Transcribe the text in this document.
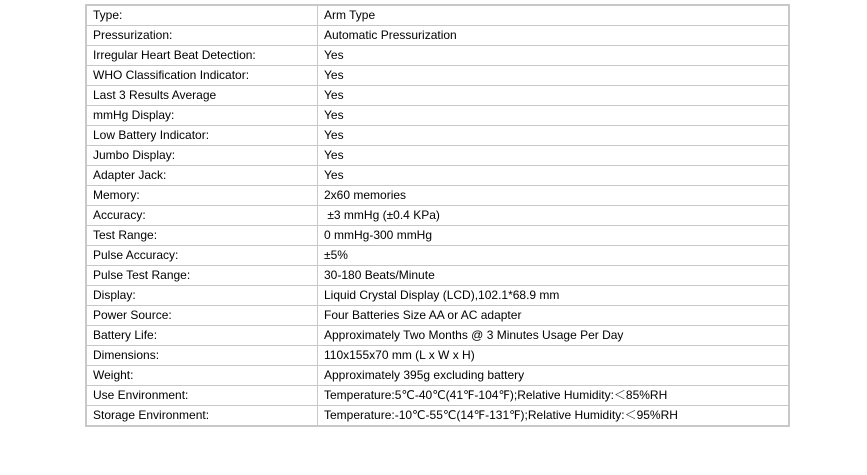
Type:	Arm Type
Pressurization:	Automatic Pressurization
Irregular Heart Beat Detection:	Yes
WHO Classification Indicator:	Yes
Last 3 Results Average	Yes
mmHg Display:	Yes
Low Battery Indicator:	Yes
Jumbo Display:	Yes
Adapter Jack:	Yes
Memory:	2x60 memories
Accuracy:	±3 mmHg (±0.4 KPa)
Test Range:	0 mmHg-300 mmHg
Pulse Accuracy:	±5%
Pulse Test Range:	30-180 Beats/Minute
Display:	Liquid Crystal Display (LCD),102.1*68.9 mm
Power Source:	Four Batteries Size AA or AC adapter
Battery Life:	Approximately Two Months @ 3 Minutes Usage Per Day
Dimensions:	110x155x70 mm (L x W x H)
Weight:	Approximately 395g excluding battery
Use Environment:	Temperature:5℃-40℃(41℉-104℉);Relative Humidity:＜85%RH
Storage Environment:	Temperature:-10℃-55℃(14℉-131℉);Relative Humidity:＜95%RH
